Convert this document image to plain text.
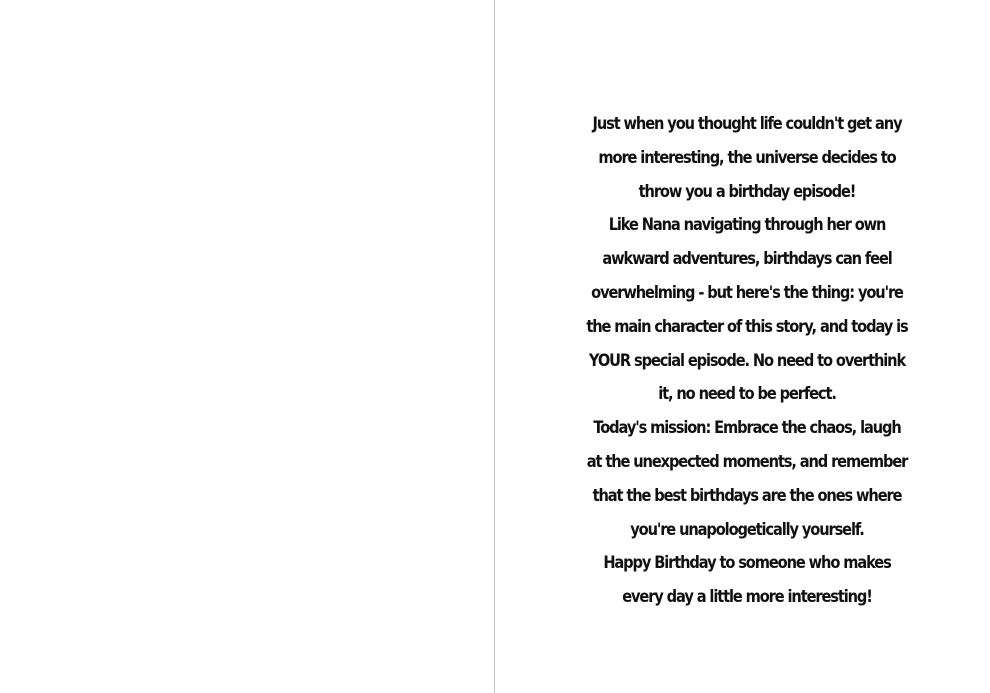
Just when you thought life couldn't get any more interesting, the universe decides to throw you a birthday episode!

Like Nana navigating through her own awkward adventures, birthdays can feel overwhelming - but here's the thing: you're the main character of this story, and today is YOUR special episode. No need to overthink it, no need to be perfect.

Today's mission: Embrace the chaos, laugh at the unexpected moments, and remember that the best birthdays are the ones where you're unapologetically yourself.

Happy Birthday to someone who makes every day a little more interesting!
